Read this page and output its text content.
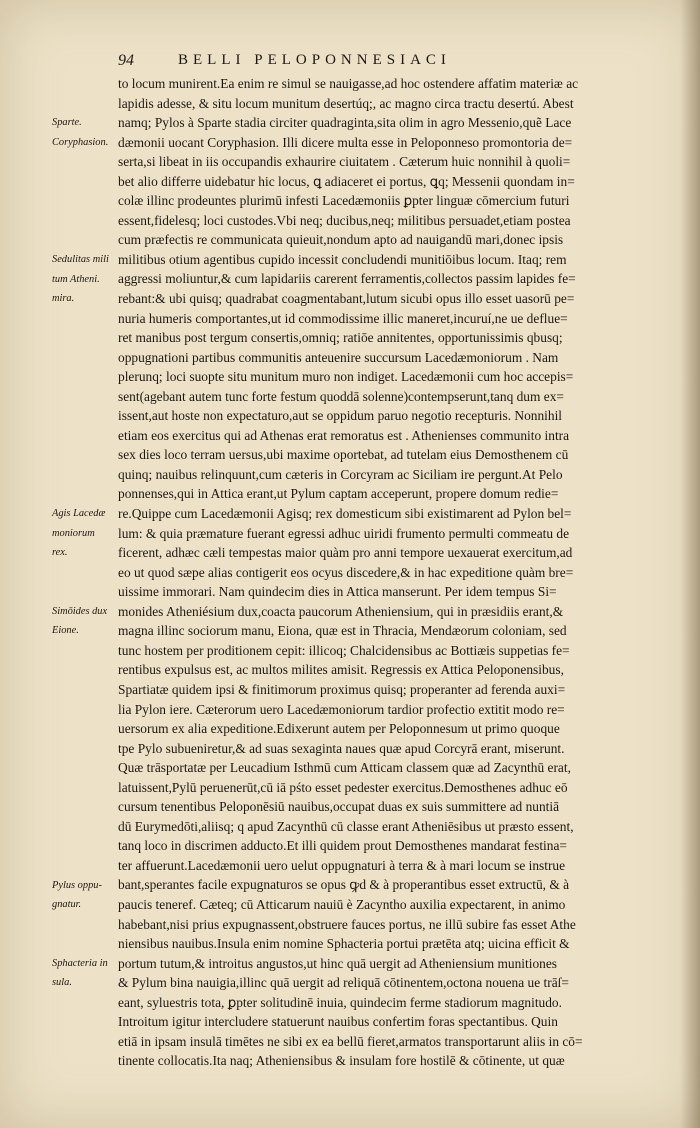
94	BELLI PELOPONNESIACI
Sparte.
Coryphasion.
Sedulitas mili
tum Atheni.
mira.
Agis Lacedæ
moniorum
rex.
Simōides dux
Eione.
Pylus oppu-
gnatur.
Sphacteria in
sula.
to locum munirent.Ea enim re simul se nauigasse,ad hoc ostendere affatim materiæ ac
lapidis adesse, & situ locum munitum desertúq;, ac magno circa tractu desertú. Abest
namq; Pylos à Sparte stadia circiter quadraginta,sita olim in agro Messenio,quẽ Lace
dæmonii uocant Coryphasion. Illi dicere multa esse in Peloponneso promontoria de=
serta,si libeat in iis occupandis exhaurire ciuitatem . Cæterum huic nonnihil à quoli=
bet alio differre uidebatur hic locus, ꝗ adiaceret ei portus, ꝗq; Messenii quondam in=
colæ illinc prodeuntes plurimū infesti Lacedæmoniis ꝑpter linguæ cōmercium futuri
essent,fidelesq; loci custodes.Vbi neq; ducibus,neq; militibus persuadet,etiam postea
cum præfectis re communicata quieuit,nondum apto ad nauigandū mari,donec ipsis
militibus otium agentibus cupido incessit concludendi munitiōibus locum. Itaq; rem
aggressi moliuntur,& cum lapidariis carerent ferramentis,collectos passim lapides fe=
rebant:& ubi quisq; quadrabat coagmentabant,lutum sicubi opus illo esset uasorū pe=
nuria humeris comportantes,ut id commodissime illic maneret,incuruí,ne ue deflue=
ret manibus post tergum consertis,omniq; ratiōe annitentes, opportunissimis qbusq;
oppugnationi partibus communitis anteuenire succursum Lacedæmoniorum . Nam
plerunq; loci suopte situ munitum muro non indiget. Lacedæmonii cum hoc accepis=
sent(agebant autem tunc forte festum quoddā solenne)contempserunt,tanq dum ex=
issent,aut hoste non expectaturo,aut se oppidum paruo negotio recepturis. Nonnihil
etiam eos exercitus qui ad Athenas erat remoratus est . Athenienses communito intra
sex dies loco terram uersus,ubi maxime oportebat, ad tutelam eius Demosthenem cū
quinq; nauibus relinquunt,cum cæteris in Corcyram ac Siciliam ire pergunt.At Pelo
ponnenses,qui in Attica erant,ut Pylum captam acceperunt, propere domum redie=
re.Quippe cum Lacedæmonii Agisq; rex domesticum sibi existimarent ad Pylon bel=
lum: & quia præmature fuerant egressi adhuc uiridi frumento permulti commeatu de
ficerent, adhæc cæli tempestas maior quàm pro anni tempore uexauerat exercitum,ad
eo ut quod sæpe alias contigerit eos ocyus discedere,& in hac expeditione quàm bre=
uissime immorari. Nam quindecim dies in Attica manserunt. Per idem tempus Si=
monides Atheniésium dux,coacta paucorum Atheniensium, qui in præsidiis erant,&
magna illinc sociorum manu, Eiona, quæ est in Thracia, Mendæorum coloniam, sed
tunc hostem per proditionem cepit: illicoq; Chalcidensibus ac Bottiæis suppetias fe=
rentibus expulsus est, ac multos milites amisit. Regressis ex Attica Peloponensibus,
Spartiatæ quidem ipsi & finitimorum proximus quisq; properanter ad ferenda auxi=
lia Pylon iere. Cæterorum uero Lacedæmoniorum tardior profectio extitit modo re=
uersorum ex alia expeditione.Edixerunt autem per Peloponnesum ut primo quoque
tpe Pylo subueniretur,& ad suas sexaginta naues quæ apud Corcyrā erant, miserunt.
Quæ trāsportatæ per Leucadium Isthmū cum Atticam classem quæ ad Zacynthū erat,
latuissent,Pylū peruenerūt,cū iā pśto esset pedester exercitus.Demosthenes adhuc eō
cursum tenentibus Peloponēsiū nauibus,occupat duas ex suis summittere ad nuntiā
dū Eurymedōti,aliisq; q apud Zacynthū cū classe erant Atheniēsibus ut præsto essent,
tanq loco in discrimen adducto.Et illi quidem prout Demosthenes mandarat festina=
ter affuerunt.Lacedæmonii uero uelut oppugnaturi à terra & à mari locum se instrue
bant,sperantes facile expugnaturos se opus ꝙd & à properantibus esset extructū, & à
paucis teneref. Cæteq; cū Atticarum nauiū è Zacyntho auxilia expectarent, in animo
habebant,nisi prius expugnassent,obstruere fauces portus, ne illū subire fas esset Athe
niensibus nauibus.Insula enim nomine Sphacteria portui prætēta atq; uicina efficit &
portum tutum,& introitus angustos,ut hinc quā uergit ad Atheniensium munitiones
& Pylum bina nauigia,illinc quā uergit ad reliquā cōtinentem,octona nouena ue trāſ=
eant, syluestris tota, ꝑpter solitudinē inuia, quindecim ferme stadiorum magnitudo.
Introitum igitur intercludere statuerunt nauibus confertim foras spectantibus. Quin
etiā in ipsam insulā timētes ne sibi ex ea bellū fieret,armatos transportarunt aliis in cō=
tinente collocatis.Ita naq; Atheniensibus & insulam fore hostilē & cōtinente, ut quæ
